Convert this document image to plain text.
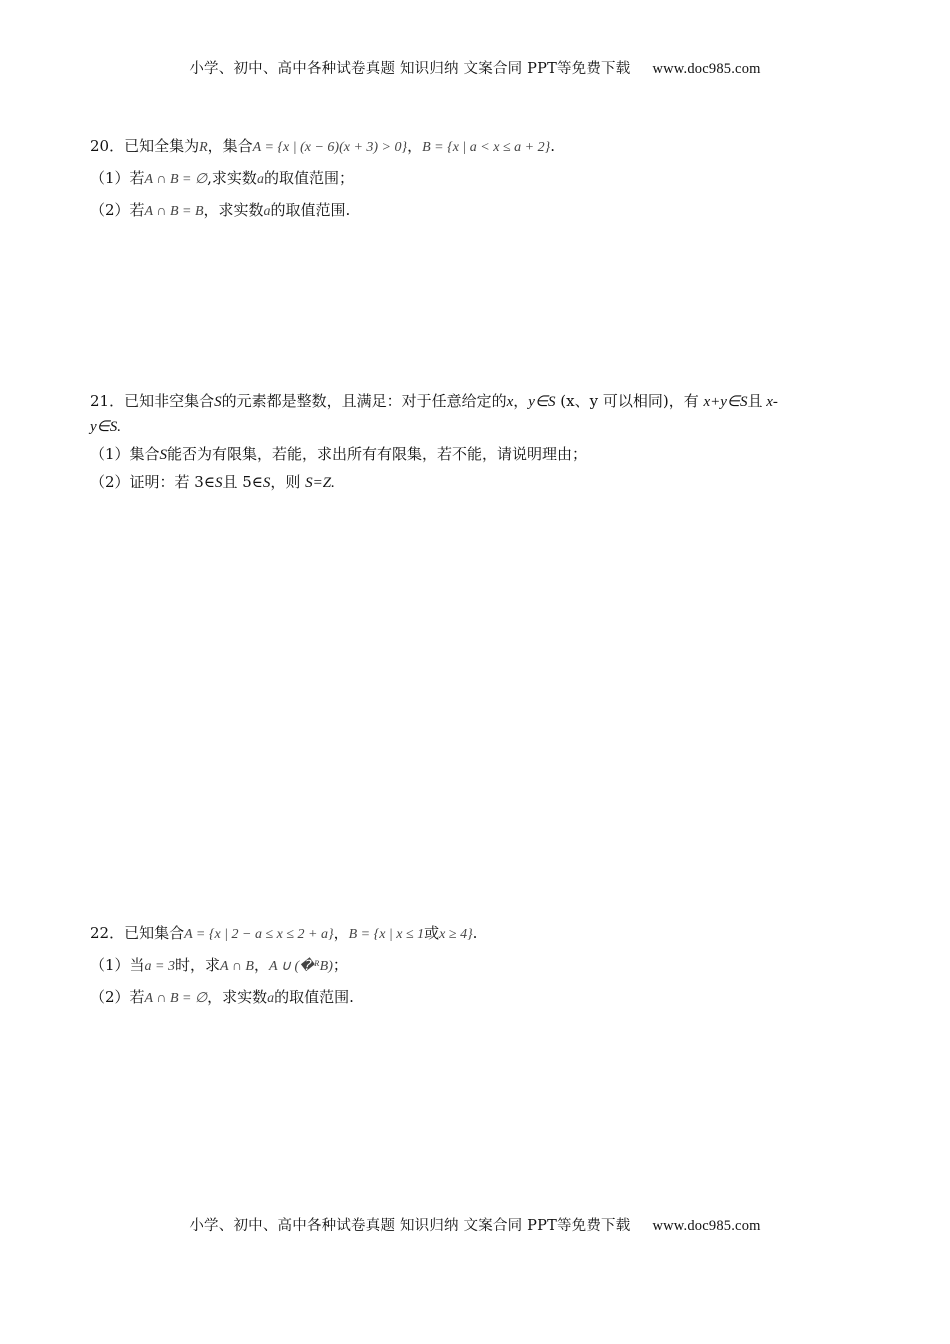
小学、初中、高中各种试卷真题 知识归纳 文案合同 PPT等免费下载 www.doc985.com
20．已知全集为R，集合A = {x | (x − 6)(x + 3) > 0}，B = {x | a < x ≤ a + 2}.
（1）若A ∩ B = ∅,求实数a的取值范围；
（2）若A ∩ B = B，求实数a的取值范围.
21．已知非空集合S的元素都是整数，且满足：对于任意给定的x，y∈S (x、y 可以相同)，有 x+y∈S且 x-
y∈S.
（1）集合S能否为有限集，若能，求出所有有限集，若不能，请说明理由；
（2）证明：若 3∈S且 5∈S，则 S=Z.
22．已知集合A = {x | 2 − a ≤ x ≤ 2 + a}，B = {x | x ≤ 1或x ≥ 4}.
（1）当a = 3时，求A ∩ B，A ∪ (�ᴿB)；
（2）若A ∩ B = ∅，求实数a的取值范围.
小学、初中、高中各种试卷真题 知识归纳 文案合同 PPT等免费下载 www.doc985.com
